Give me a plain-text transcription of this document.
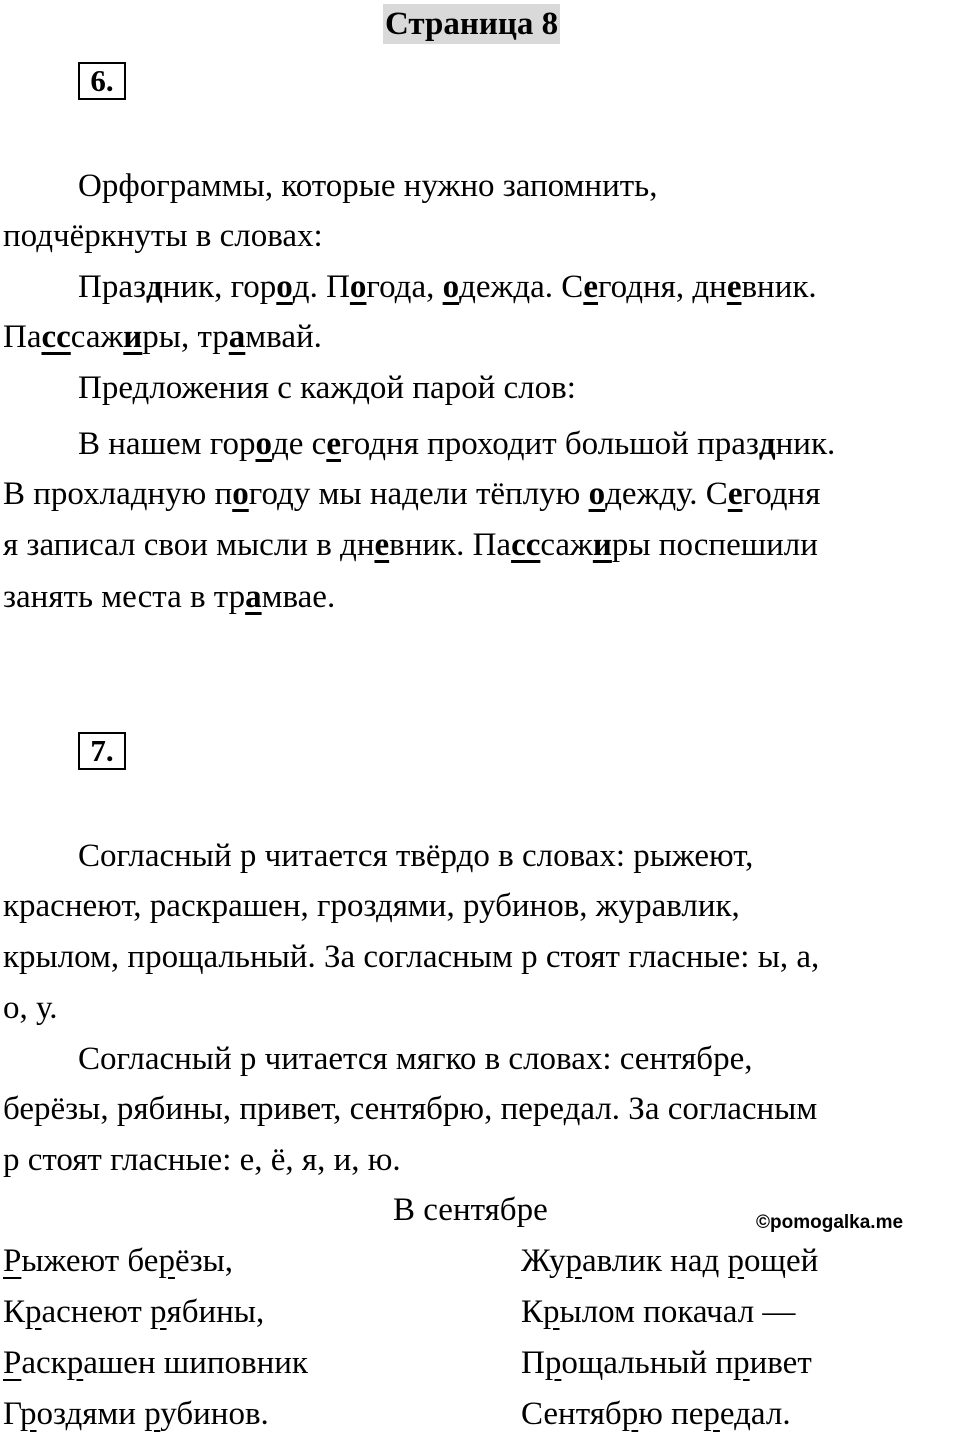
Страница 8
6.
Орфограммы, которые нужно запомнить,
подчёркнуты в словах:
Праздник, город. Погода, одежда. Сегодня, дневник.
Пасссажиры, трамвай.
Предложения с каждой парой слов:
В нашем городе сегодня проходит большой праздник.
В прохладную погоду мы надели тёплую одежду. Сегодня
я записал свои мысли в дневник. Пасссажиры поспешили
занять места в трамвае.
7.
Согласный р читается твёрдо в словах: рыжеют,
краснеют, раскрашен, гроздями, рубинов, журавлик,
крылом, прощальный. За согласным р стоят гласные: ы, а,
о, у.
Согласный р читается мягко в словах: сентябре,
берёзы, рябины, привет, сентябрю, передал. За согласным
р стоят гласные: е, ё, я, и, ю.
В сентябре	©pomogalka.me
Рыжеют берёзы,
Краснеют рябины,
Раскрашен шиповник
Гроздями рубинов.
Журавлик над рощей
Крылом покачал —
Прощальный привет
Сентябрю передал.
